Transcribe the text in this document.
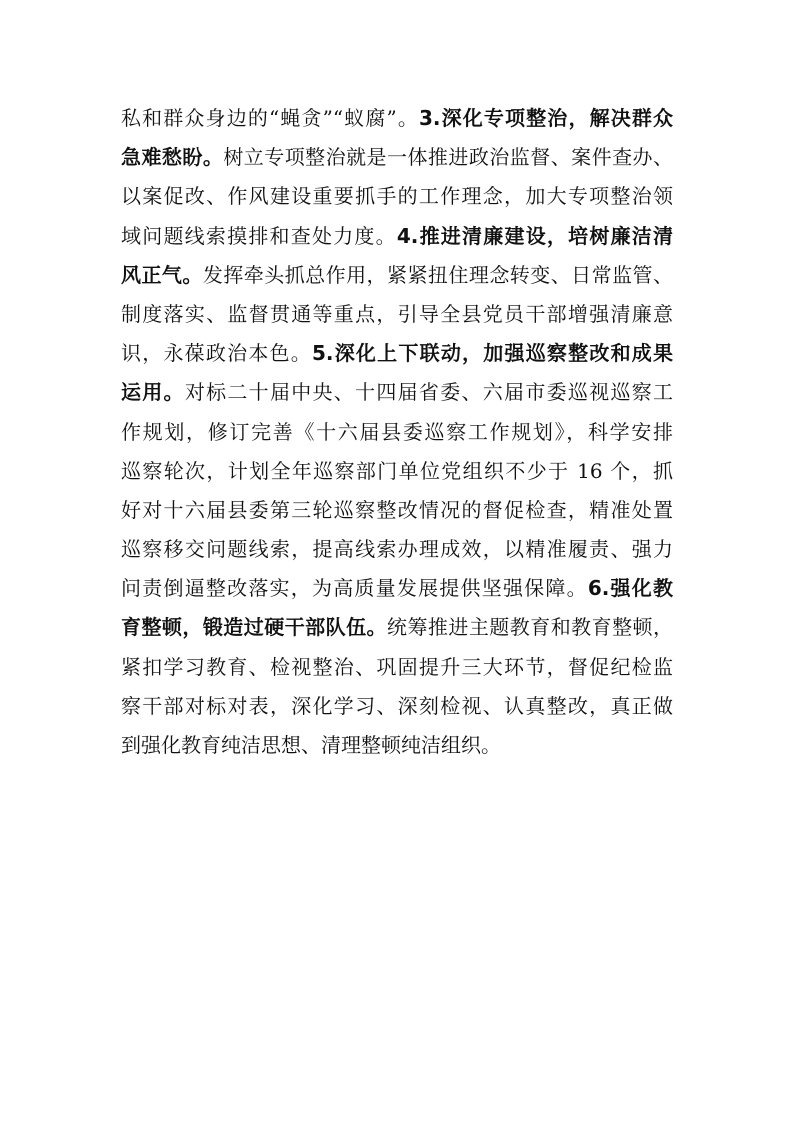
私和群众身边的“蝇贪”“蚁腐”。3.深化专项整治，解决群众
急难愁盼。树立专项整治就是一体推进政治监督、案件查办、
以案促改、作风建设重要抓手的工作理念，加大专项整治领
域问题线索摸排和查处力度。4.推进清廉建设，培树廉洁清
风正气。发挥牵头抓总作用，紧紧扭住理念转变、日常监管、
制度落实、监督贯通等重点，引导全县党员干部增强清廉意
识，永葆政治本色。5.深化上下联动，加强巡察整改和成果
运用。对标二十届中央、十四届省委、六届市委巡视巡察工
作规划，修订完善《十六届县委巡察工作规划》，科学安排
巡察轮次，计划全年巡察部门单位党组织不少于 16 个，抓
好对十六届县委第三轮巡察整改情况的督促检查，精准处置
巡察移交问题线索，提高线索办理成效，以精准履责、强力
问责倒逼整改落实，为高质量发展提供坚强保障。6.强化教
育整顿，锻造过硬干部队伍。统筹推进主题教育和教育整顿，
紧扣学习教育、检视整治、巩固提升三大环节，督促纪检监
察干部对标对表，深化学习、深刻检视、认真整改，真正做
到强化教育纯洁思想、清理整顿纯洁组织。
